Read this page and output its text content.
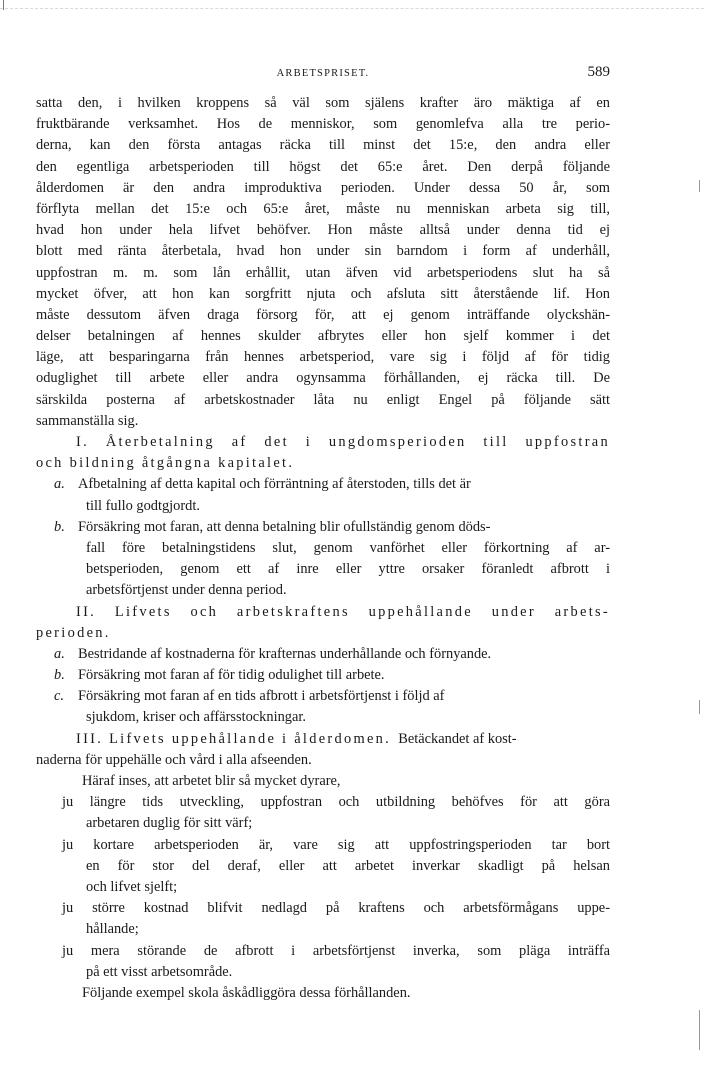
ARBETSPRISET.	589
satta den, i hvilken kroppens så väl som själens krafter äro mäktiga af en
fruktbärande verksamhet. Hos de menniskor, som genomlefva alla tre perio-
derna, kan den första antagas räcka till minst det 15:e, den andra eller
den egentliga arbetsperioden till högst det 65:e året. Den derpå följande
ålderdomen är den andra improduktiva perioden. Under dessa 50 år, som
förflyta mellan det 15:e och 65:e året, måste nu menniskan arbeta sig till,
hvad hon under hela lifvet behöfver. Hon måste alltså under denna tid ej
blott med ränta återbetala, hvad hon under sin barndom i form af underhåll,
uppfostran m. m. som lån erhållit, utan äfven vid arbetsperiodens slut ha så
mycket öfver, att hon kan sorgfritt njuta och afsluta sitt återstående lif. Hon
måste dessutom äfven draga försorg för, att ej genom inträffande olyckshän-
delser betalningen af hennes skulder afbrytes eller hon sjelf kommer i det
läge, att besparingarna från hennes arbetsperiod, vare sig i följd af för tidig
oduglighet till arbete eller andra ogynsamma förhållanden, ej räcka till. De
särskilda posterna af arbetskostnader låta nu enligt Engel på följande sätt
sammanställa sig.
I. Återbetalning af det i ungdomsperioden till uppfostran
och bildning åtgångna kapitalet.
a. Afbetalning af detta kapital och förräntning af återstoden, tills det är
till fullo godtgjordt.
b. Försäkring mot faran, att denna betalning blir ofullständig genom döds-
fall före betalningstidens slut, genom vanförhet eller förkortning af ar-
betsperioden, genom ett af inre eller yttre orsaker föranledt afbrott i
arbetsförtjenst under denna period.
II. Lifvets och arbetskraftens uppehållande under arbets-
perioden.
a. Bestridande af kostnaderna för krafternas underhållande och förnyande.
b. Försäkring mot faran af för tidig odulighet till arbete.
c. Försäkring mot faran af en tids afbrott i arbetsförtjenst i följd af
sjukdom, kriser och affärsstockningar.
III. Lifvets uppehållande i ålderdomen. Betäckandet af kost-
naderna för uppehälle och vård i alla afseenden.
Häraf inses, att arbetet blir så mycket dyrare,
ju längre tids utveckling, uppfostran och utbildning behöfves för att göra
arbetaren duglig för sitt värf;
ju kortare arbetsperioden är, vare sig att uppfostringsperioden tar bort
en för stor del deraf, eller att arbetet inverkar skadligt på helsan
och lifvet sjelft;
ju större kostnad blifvit nedlagd på kraftens och arbetsförmågans uppe-
hållande;
ju mera störande de afbrott i arbetsförtjenst inverka, som pläga inträffa
på ett visst arbetsområde.
Följande exempel skola åskådliggöra dessa förhållanden.
